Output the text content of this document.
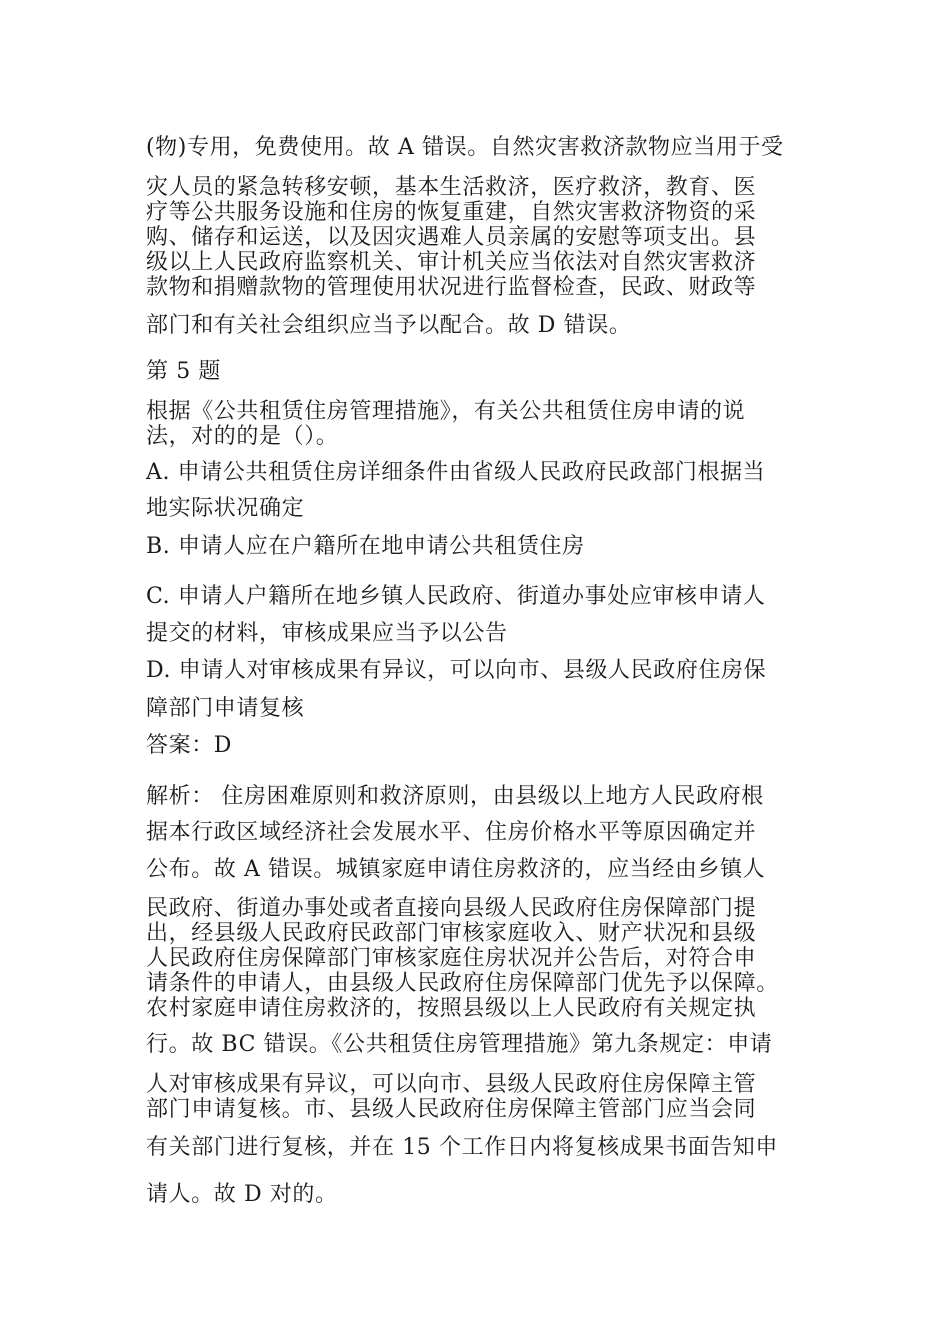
(物)专用，免费使用。故 A 错误。自然灾害救济款物应当用于受
灾人员的紧急转移安顿，基本生活救济，医疗救济，教育、医
疗等公共服务设施和住房的恢复重建，自然灾害救济物资的采
购、储存和运送，以及因灾遇难人员亲属的安慰等项支出。县
级以上人民政府监察机关、审计机关应当依法对自然灾害救济
款物和捐赠款物的管理使用状况进行监督检查，民政、财政等
部门和有关社会组织应当予以配合。故 D 错误。
第 5 题
根据《公共租赁住房管理措施》，有关公共租赁住房申请的说
法，对的的是（）。
A. 申请公共租赁住房详细条件由省级人民政府民政部门根据当
地实际状况确定
B. 申请人应在户籍所在地申请公共租赁住房
C. 申请人户籍所在地乡镇人民政府、街道办事处应审核申请人
提交的材料，审核成果应当予以公告
D. 申请人对审核成果有异议，可以向市、县级人民政府住房保
障部门申请复核
答案：D
解析： 住房困难原则和救济原则，由县级以上地方人民政府根
据本行政区域经济社会发展水平、住房价格水平等原因确定并
公布。故 A 错误。城镇家庭申请住房救济的，应当经由乡镇人
民政府、街道办事处或者直接向县级人民政府住房保障部门提
出，经县级人民政府民政部门审核家庭收入、财产状况和县级
人民政府住房保障部门审核家庭住房状况并公告后，对符合申
请条件的申请人，由县级人民政府住房保障部门优先予以保障。
农村家庭申请住房救济的，按照县级以上人民政府有关规定执
行。故 BC 错误。《公共租赁住房管理措施》第九条规定：申请
人对审核成果有异议，可以向市、县级人民政府住房保障主管
部门申请复核。市、县级人民政府住房保障主管部门应当会同
有关部门进行复核，并在 15 个工作日内将复核成果书面告知申
请人。故 D 对的。
